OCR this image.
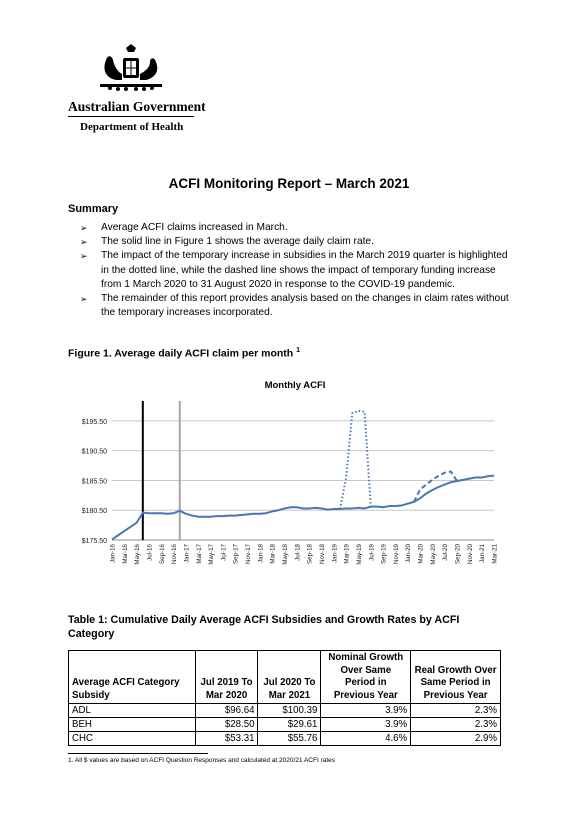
Australian Government
Department of Health
ACFI Monitoring Report – March 2021
Summary
➢ Average ACFI claims increased in March.
➢ The solid line in Figure 1 shows the average daily claim rate.
➢ The impact of the temporary increase in subsidies in the March 2019 quarter is highlighted in the dotted line, while the dashed line shows the impact of temporary funding increase from 1 March 2020 to 31 August 2020 in response to the COVID-19 pandemic.
➢ The remainder of this report provides analysis based on the changes in claim rates without the temporary increases incorporated.
Figure 1. Average daily ACFI claim per month $^1$
Monthly ACFI
$175.50
$180.50
$185.50
$190.50
$195.50
Jan-16 Mar-16 May-16 Jul-16 Sep-16 Nov-16 Jan-17 Mar-17 May-17 Jul-17 Sep-17 Nov-17 Jan-18 Mar-18 May-18 Jul-18 Sep-18 Nov-18 Jan-19 Mar-19 May-19 Jul-19 Sep-19 Nov-19 Jan-20 Mar-20 May-20 Jul-20 Sep-20 Nov-20 Jan-21 Mar-21
Table 1: Cumulative Daily Average ACFI Subsidies and Growth Rates by ACFI Category
Average ACFI Category
Subsidy	Jul 2019 To Mar 2020	Jul 2020 To Mar 2021	Nominal Growth Over Same Period in Previous Year	Real Growth Over Same Period in Previous Year
ADL	$96.64	$100.39	3.9%	2.3%
BEH	$28.50	$29.61	3.9%	2.3%
CHC	$53.31	$55.76	4.6%	2.9%
1. All $ values are based on ACFI Question Responses and calculated at 2020/21 ACFI rates
